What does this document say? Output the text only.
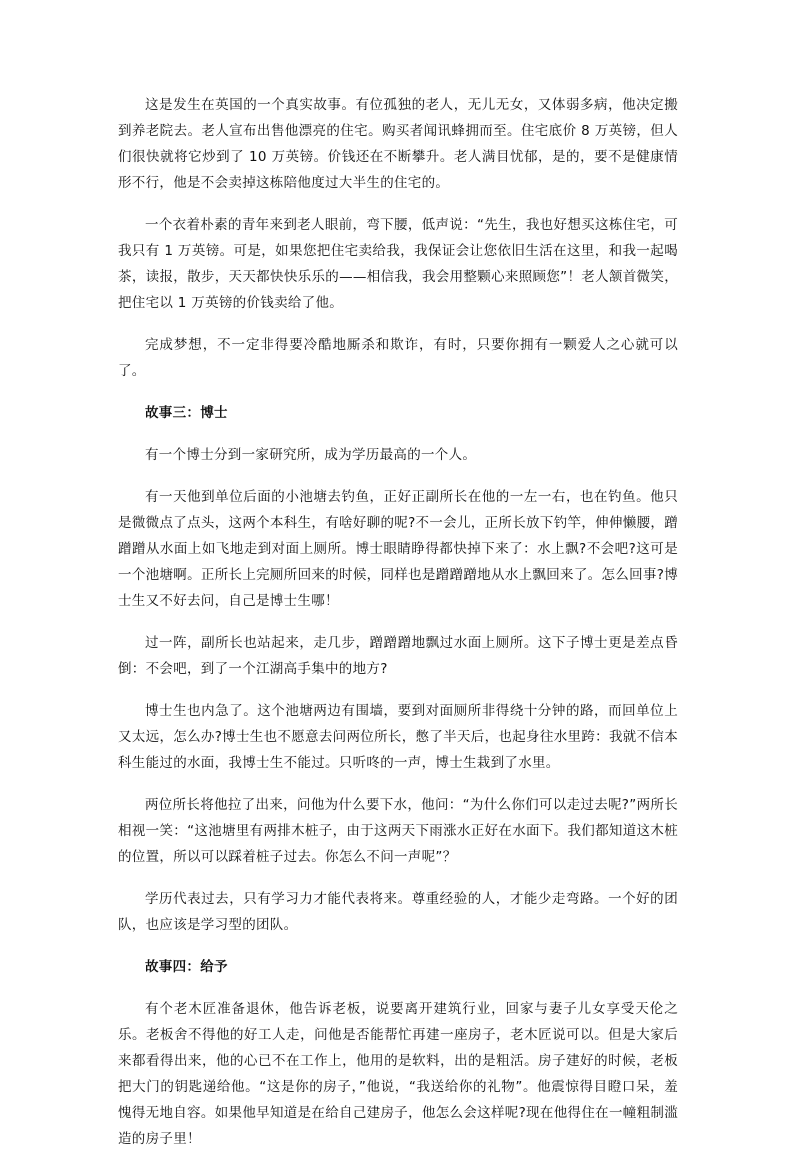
这是发生在英国的一个真实故事。有位孤独的老人，无儿无女，又体弱多病，他决定搬到养老院去。老人宣布出售他漂亮的住宅。购买者闻讯蜂拥而至。住宅底价 8 万英镑，但人们很快就将它炒到了 10 万英镑。价钱还在不断攀升。老人满目忧郁，是的，要不是健康情形不行，他是不会卖掉这栋陪他度过大半生的住宅的。

一个衣着朴素的青年来到老人眼前，弯下腰，低声说：“先生，我也好想买这栋住宅，可我只有 1 万英镑。可是，如果您把住宅卖给我，我保证会让您依旧生活在这里，和我一起喝茶，读报，散步，天天都快快乐乐的——相信我，我会用整颗心来照顾您”！老人颔首微笑，把住宅以 1 万英镑的价钱卖给了他。

完成梦想，不一定非得要冷酷地厮杀和欺诈，有时，只要你拥有一颗爱人之心就可以了。

故事三：博士

有一个博士分到一家研究所，成为学历最高的一个人。

有一天他到单位后面的小池塘去钓鱼，正好正副所长在他的一左一右，也在钓鱼。他只是微微点了点头，这两个本科生，有啥好聊的呢?不一会儿，正所长放下钓竿，伸伸懒腰，蹭蹭蹭从水面上如飞地走到对面上厕所。博士眼睛睁得都快掉下来了：水上飘?不会吧?这可是一个池塘啊。正所长上完厕所回来的时候，同样也是蹭蹭蹭地从水上飘回来了。怎么回事?博士生又不好去问，自己是博士生哪！

过一阵，副所长也站起来，走几步，蹭蹭蹭地飘过水面上厕所。这下子博士更是差点昏倒：不会吧，到了一个江湖高手集中的地方?

博士生也内急了。这个池塘两边有围墙，要到对面厕所非得绕十分钟的路，而回单位上又太远，怎么办?博士生也不愿意去问两位所长，憋了半天后，也起身往水里跨：我就不信本科生能过的水面，我博士生不能过。只听咚的一声，博士生栽到了水里。

两位所长将他拉了出来，问他为什么要下水，他问：“为什么你们可以走过去呢?”两所长相视一笑：“这池塘里有两排木桩子，由于这两天下雨涨水正好在水面下。我们都知道这木桩的位置，所以可以踩着桩子过去。你怎么不问一声呢”？

学历代表过去，只有学习力才能代表将来。尊重经验的人，才能少走弯路。一个好的团队，也应该是学习型的团队。

故事四：给予

有个老木匠准备退休，他告诉老板，说要离开建筑行业，回家与妻子儿女享受天伦之乐。老板舍不得他的好工人走，问他是否能帮忙再建一座房子，老木匠说可以。但是大家后来都看得出来，他的心已不在工作上，他用的是软料，出的是粗活。房子建好的时候，老板把大门的钥匙递给他。“这是你的房子，”他说，“我送给你的礼物”。他震惊得目瞪口呆，羞愧得无地自容。如果他早知道是在给自己建房子，他怎么会这样呢?现在他得住在一幢粗制滥造的房子里！
